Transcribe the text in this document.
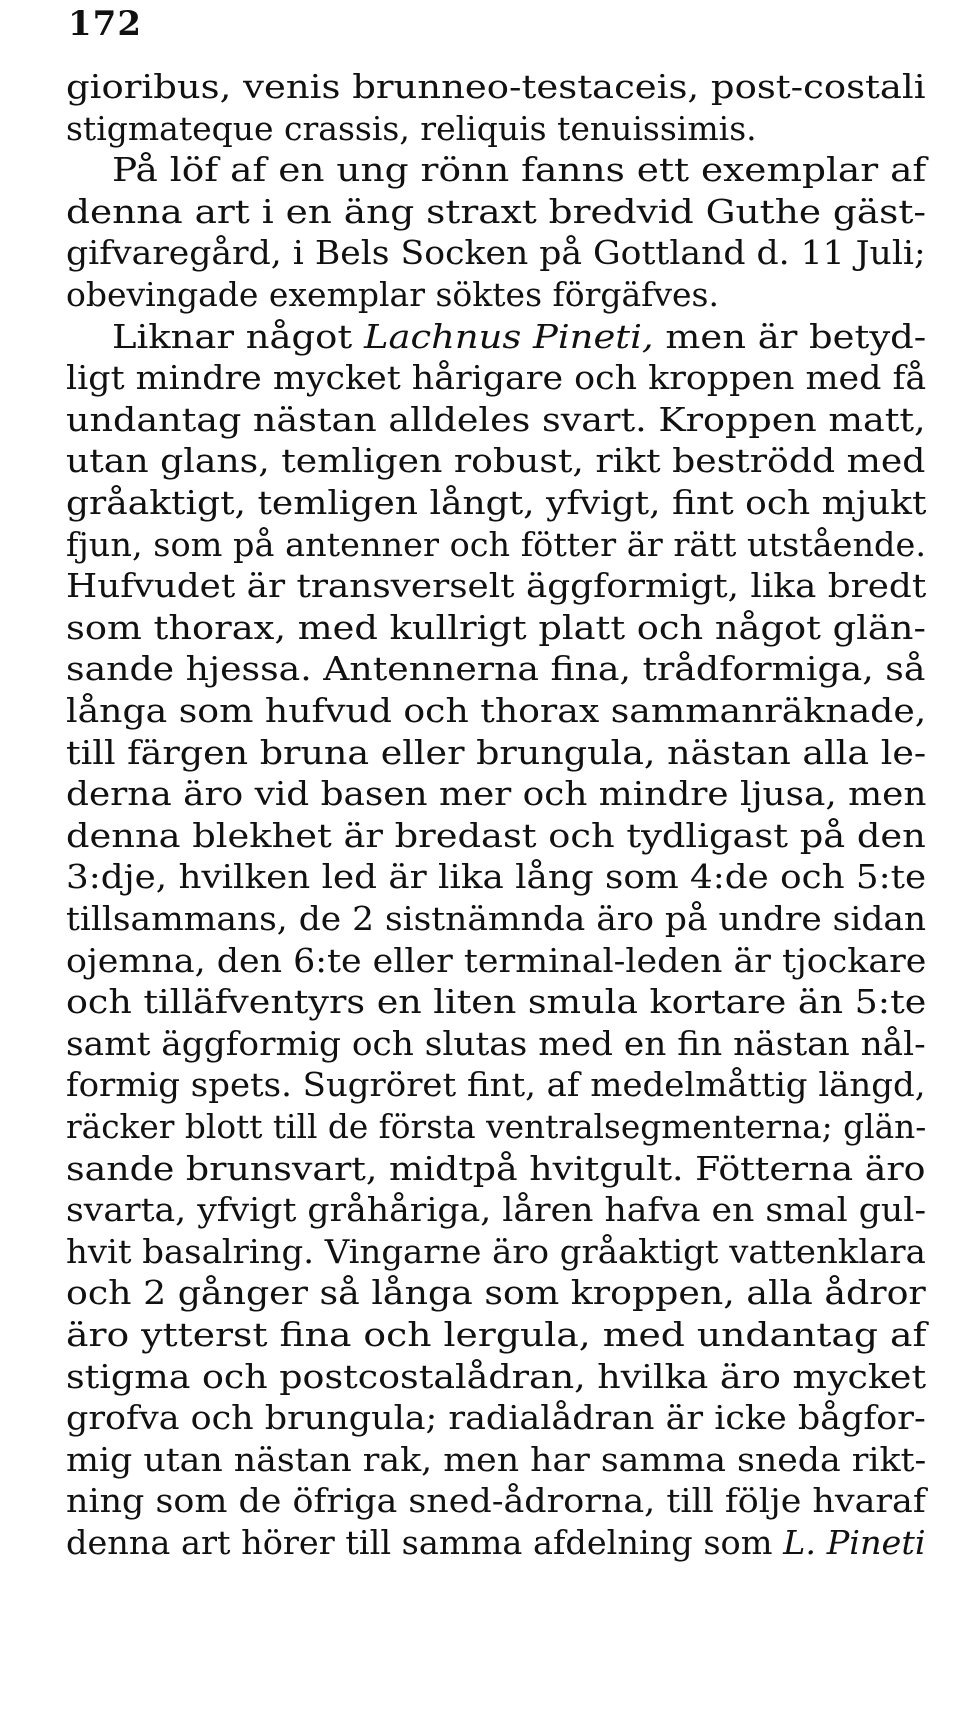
172
gioribus, venis brunneo-testaceis, post-costali
stigmateque crassis, reliquis tenuissimis.
På löf af en ung rönn fanns ett exemplar af
denna art i en äng straxt bredvid Guthe gäst-
gifvaregård, i Bels Socken på Gottland d. 11 Juli;
obevingade exemplar söktes förgäfves.
Liknar något Lachnus Pineti, men är betyd-
ligt mindre mycket hårigare och kroppen med få
undantag nästan alldeles svart. Kroppen matt,
utan glans, temligen robust, rikt beströdd med
gråaktigt, temligen långt, yfvigt, fint och mjukt
fjun, som på antenner och fötter är rätt utstående.
Hufvudet är transverselt äggformigt, lika bredt
som thorax, med kullrigt platt och något glän-
sande hjessa. Antennerna fina, trådformiga, så
långa som hufvud och thorax sammanräknade,
till färgen bruna eller brungula, nästan alla le-
derna äro vid basen mer och mindre ljusa, men
denna blekhet är bredast och tydligast på den
3:dje, hvilken led är lika lång som 4:de och 5:te
tillsammans, de 2 sistnämnda äro på undre sidan
ojemna, den 6:te eller terminal-leden är tjockare
och tilläfventyrs en liten smula kortare än 5:te
samt äggformig och slutas med en fin nästan nål-
formig spets. Sugröret fint, af medelmåttig längd,
räcker blott till de första ventralsegmenterna; glän-
sande brunsvart, midtpå hvitgult. Fötterna äro
svarta, yfvigt gråhåriga, låren hafva en smal gul-
hvit basalring. Vingarne äro gråaktigt vattenklara
och 2 gånger så långa som kroppen, alla ådror
äro ytterst fina och lergula, med undantag af
stigma och postcostalådran, hvilka äro mycket
grofva och brungula; radialådran är icke bågfor-
mig utan nästan rak, men har samma sneda rikt-
ning som de öfriga sned-ådrorna, till följe hvaraf
denna art hörer till samma afdelning som L. Pineti
